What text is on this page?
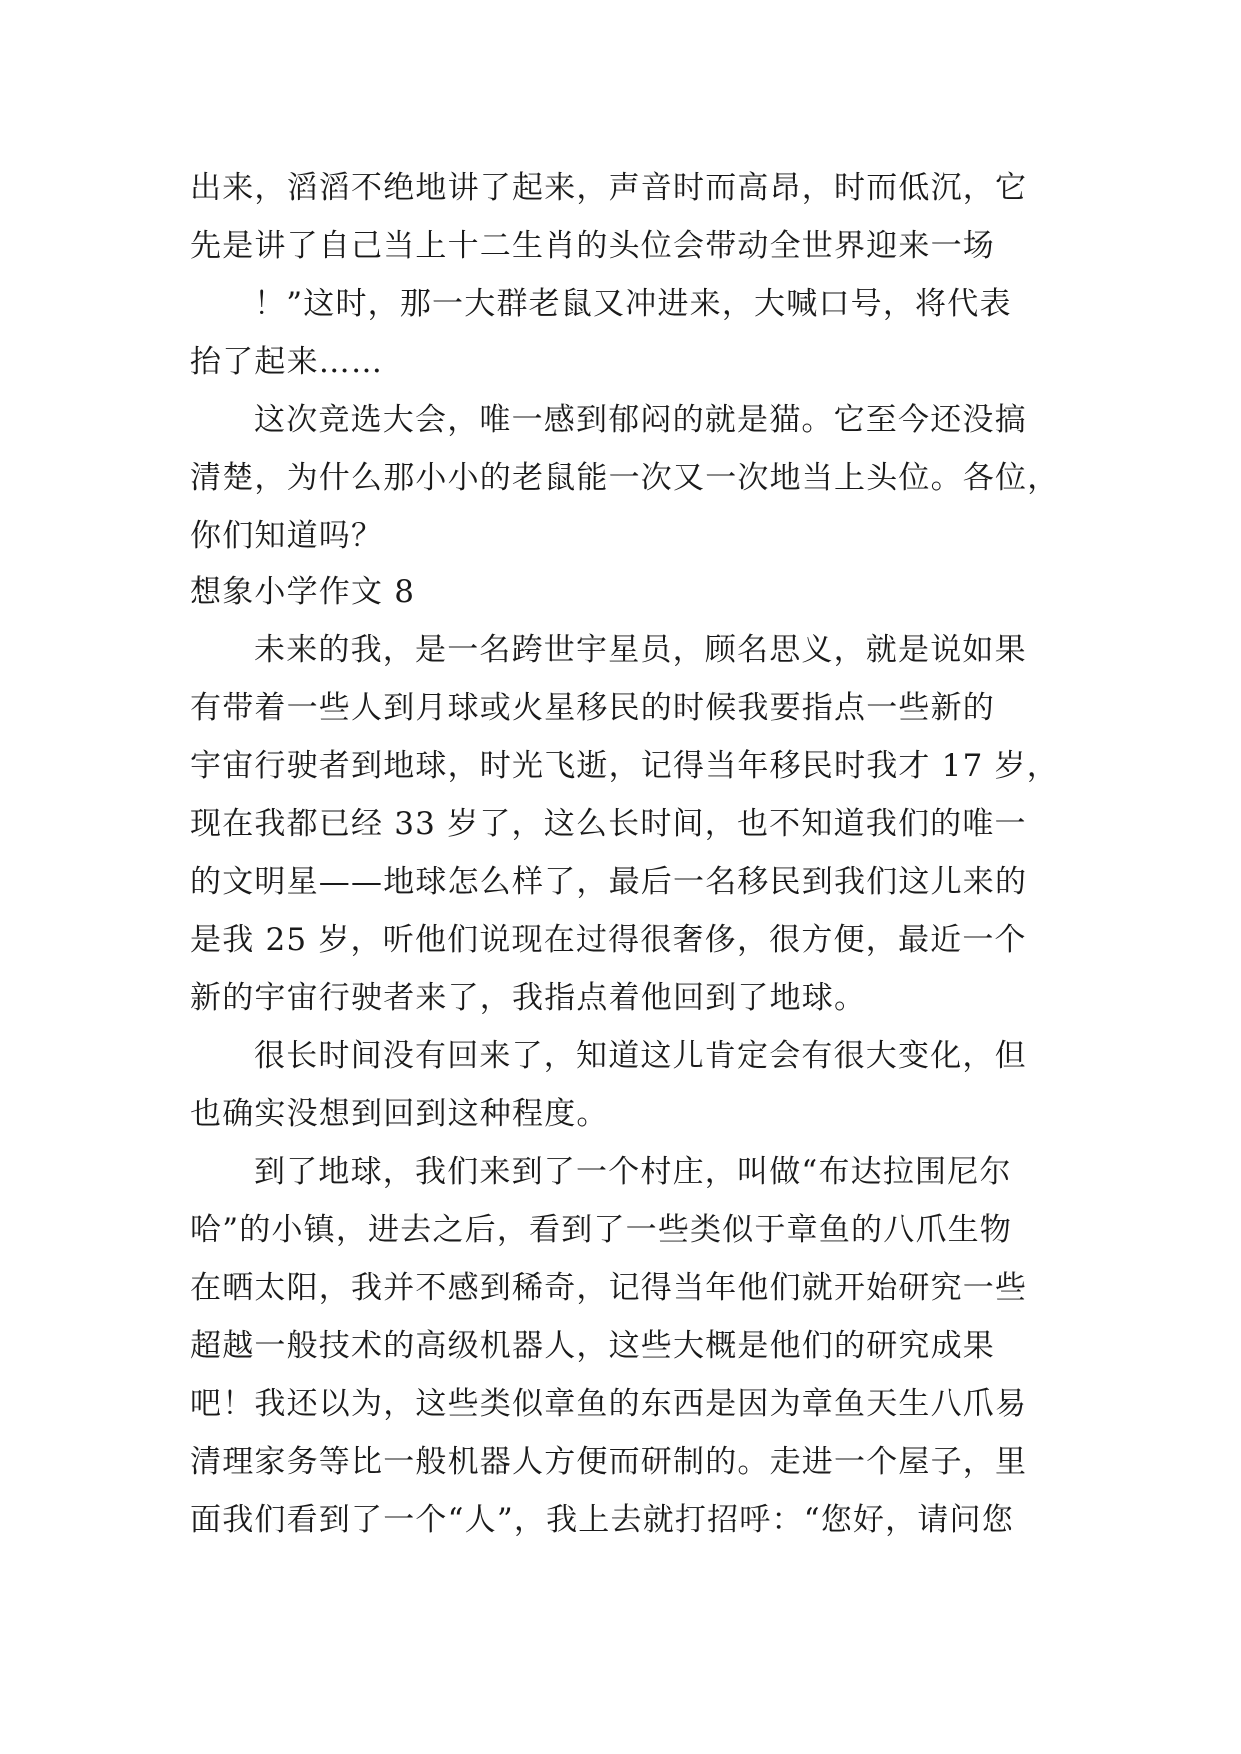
出来，滔滔不绝地讲了起来，声音时而高昂，时而低沉，它
先是讲了自己当上十二生肖的头位会带动全世界迎来一场
！”这时，那一大群老鼠又冲进来，大喊口号，将代表
抬了起来……
这次竞选大会，唯一感到郁闷的就是猫。它至今还没搞
清楚，为什么那小小的老鼠能一次又一次地当上头位。各位，
你们知道吗？
想象小学作文 8
未来的我，是一名跨世宇星员，顾名思义，就是说如果
有带着一些人到月球或火星移民的时候我要指点一些新的
宇宙行驶者到地球，时光飞逝，记得当年移民时我才 17 岁，
现在我都已经 33 岁了，这么长时间，也不知道我们的唯一
的文明星——地球怎么样了，最后一名移民到我们这儿来的
是我 25 岁，听他们说现在过得很奢侈，很方便，最近一个
新的宇宙行驶者来了，我指点着他回到了地球。
很长时间没有回来了，知道这儿肯定会有很大变化，但
也确实没想到回到这种程度。
到了地球，我们来到了一个村庄，叫做“布达拉围尼尔
哈”的小镇，进去之后，看到了一些类似于章鱼的八爪生物
在晒太阳，我并不感到稀奇，记得当年他们就开始研究一些
超越一般技术的高级机器人，这些大概是他们的研究成果
吧！我还以为，这些类似章鱼的东西是因为章鱼天生八爪易
清理家务等比一般机器人方便而研制的。走进一个屋子，里
面我们看到了一个“人”，我上去就打招呼：“您好，请问您
